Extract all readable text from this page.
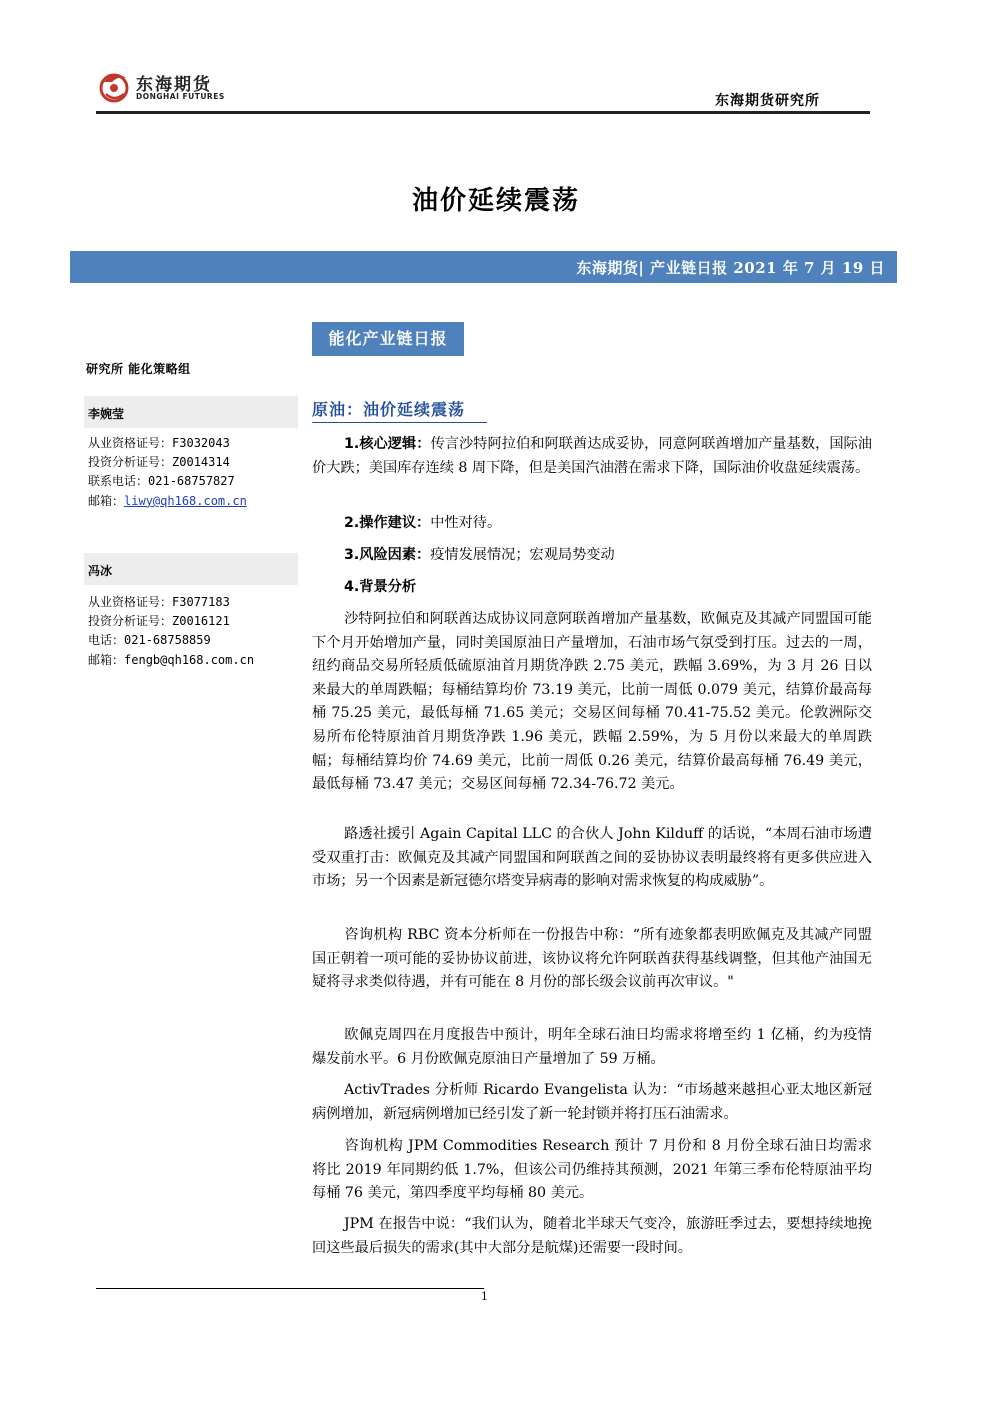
东海期货
DONGHAI FUTURES	东海期货研究所
油价延续震荡
东海期货| 产业链日报 2021 年 7 月 19 日
能化产业链日报
研究所 能化策略组
李婉莹
从业资格证号：F3032043
投资分析证号：Z0014314
联系电话：021-68757827
邮箱：liwy@qh168.com.cn
冯冰
从业资格证号：F3077183
投资分析证号：Z0016121
电话：021-68758859
邮箱：fengb@qh168.com.cn
原油：油价延续震荡
1.核心逻辑：传言沙特阿拉伯和阿联酋达成妥协，同意阿联酋增加产量基数，国际油价大跌；美国库存连续 8 周下降，但是美国汽油潜在需求下降，国际油价收盘延续震荡。
2.操作建议：中性对待。
3.风险因素：疫情发展情况；宏观局势变动
4.背景分析
沙特阿拉伯和阿联酋达成协议同意阿联酋增加产量基数，欧佩克及其减产同盟国可能下个月开始增加产量，同时美国原油日产量增加，石油市场气氛受到打压。过去的一周，纽约商品交易所轻质低硫原油首月期货净跌 2.75 美元，跌幅 3.69%，为 3 月 26 日以来最大的单周跌幅；每桶结算均价 73.19 美元，比前一周低 0.079 美元，结算价最高每桶 75.25 美元，最低每桶 71.65 美元；交易区间每桶 70.41-75.52 美元。伦敦洲际交易所布伦特原油首月期货净跌 1.96 美元，跌幅 2.59%，为 5 月份以来最大的单周跌幅；每桶结算均价 74.69 美元，比前一周低 0.26 美元，结算价最高每桶 76.49 美元，最低每桶 73.47 美元；交易区间每桶 72.34-76.72 美元。
路透社援引 Again Capital LLC 的合伙人 John Kilduff 的话说，“本周石油市场遭受双重打击：欧佩克及其减产同盟国和阿联酋之间的妥协协议表明最终将有更多供应进入市场；另一个因素是新冠德尔塔变异病毒的影响对需求恢复的构成威胁”。
咨询机构 RBC 资本分析师在一份报告中称：“所有迹象都表明欧佩克及其减产同盟国正朝着一项可能的妥协协议前进，该协议将允许阿联酋获得基线调整，但其他产油国无疑将寻求类似待遇，并有可能在 8 月份的部长级会议前再次审议。"
欧佩克周四在月度报告中预计，明年全球石油日均需求将增至约 1 亿桶，约为疫情爆发前水平。6 月份欧佩克原油日产量增加了 59 万桶。
ActivTrades 分析师 Ricardo Evangelista 认为：“市场越来越担心亚太地区新冠病例增加，新冠病例增加已经引发了新一轮封锁并将打压石油需求。
咨询机构 JPM Commodities Research 预计 7 月份和 8 月份全球石油日均需求将比 2019 年同期约低 1.7%，但该公司仍维持其预测，2021 年第三季布伦特原油平均每桶 76 美元，第四季度平均每桶 80 美元。
JPM 在报告中说：“我们认为，随着北半球天气变冷，旅游旺季过去，要想持续地挽回这些最后损失的需求(其中大部分是航煤)还需要一段时间。
1
